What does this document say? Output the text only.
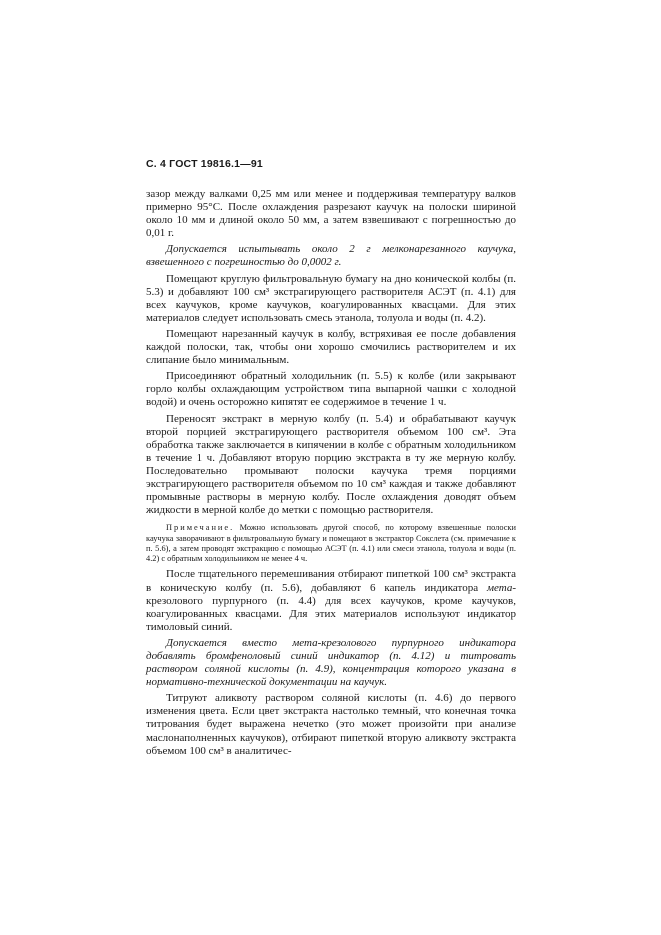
С. 4 ГОСТ 19816.1—91

зазор между валками 0,25 мм или менее и поддерживая температуру валков примерно 95°С. После охлаждения разрезают каучук на полоски шириной около 10 мм и длиной около 50 мм, а затем взвешивают с погрешностью до 0,01 г.

Допускается испытывать около 2 г мелконарезанного каучука, взвешенного с погрешностью до 0,0002 г.

Помещают круглую фильтровальную бумагу на дно конической колбы (п. 5.3) и добавляют 100 см³ экстрагирующего растворителя АСЭТ (п. 4.1) для всех каучуков, кроме каучуков, коагулированных квасцами. Для этих материалов следует использовать смесь этанола, толуола и воды (п. 4.2).

Помещают нарезанный каучук в колбу, встряхивая ее после добавления каждой полоски, так, чтобы они хорошо смочились растворителем и их слипание было минимальным.

Присоединяют обратный холодильник (п. 5.5) к колбе (или закрывают горло колбы охлаждающим устройством типа выпарной чашки с холодной водой) и очень осторожно кипятят ее содержимое в течение 1 ч.

Переносят экстракт в мерную колбу (п. 5.4) и обрабатывают каучук второй порцией экстрагирующего растворителя объемом 100 см³. Эта обработка также заключается в кипячении в колбе с обратным холодильником в течение 1 ч. Добавляют вторую порцию экстракта в ту же мерную колбу. Последовательно промывают полоски каучука тремя порциями экстрагирующего растворителя объемом по 10 см³ каждая и также добавляют промывные растворы в мерную колбу. После охлаждения доводят объем жидкости в мерной колбе до метки с помощью растворителя.

Примечание. Можно использовать другой способ, по которому взвешенные полоски каучука заворачивают в фильтровальную бумагу и помещают в экстрактор Сокслета (см. примечание к п. 5.6), а затем проводят экстракцию с помощью АСЭТ (п. 4.1) или смеси этанола, толуола и воды (п. 4.2) с обратным холодильником не менее 4 ч.

После тщательного перемешивания отбирают пипеткой 100 см³ экстракта в коническую колбу (п. 5.6), добавляют 6 капель индикатора мета-крезолового пурпурного (п. 4.4) для всех каучуков, кроме каучуков, коагулированных квасцами. Для этих материалов используют индикатор тимоловый синий.

Допускается вместо мета-крезолового пурпурного индикатора добавлять бромфеноловый синий индикатор (п. 4.12) и титровать раствором соляной кислоты (п. 4.9), концентрация которого указана в нормативно-технической документации на каучук.

Титруют аликвоту раствором соляной кислоты (п. 4.6) до первого изменения цвета. Если цвет экстракта настолько темный, что конечная точка титрования будет выражена нечетко (это может произойти при анализе маслонаполненных каучуков), отбирают пипеткой вторую аликвоту экстракта объемом 100 см³ в аналитичес-
